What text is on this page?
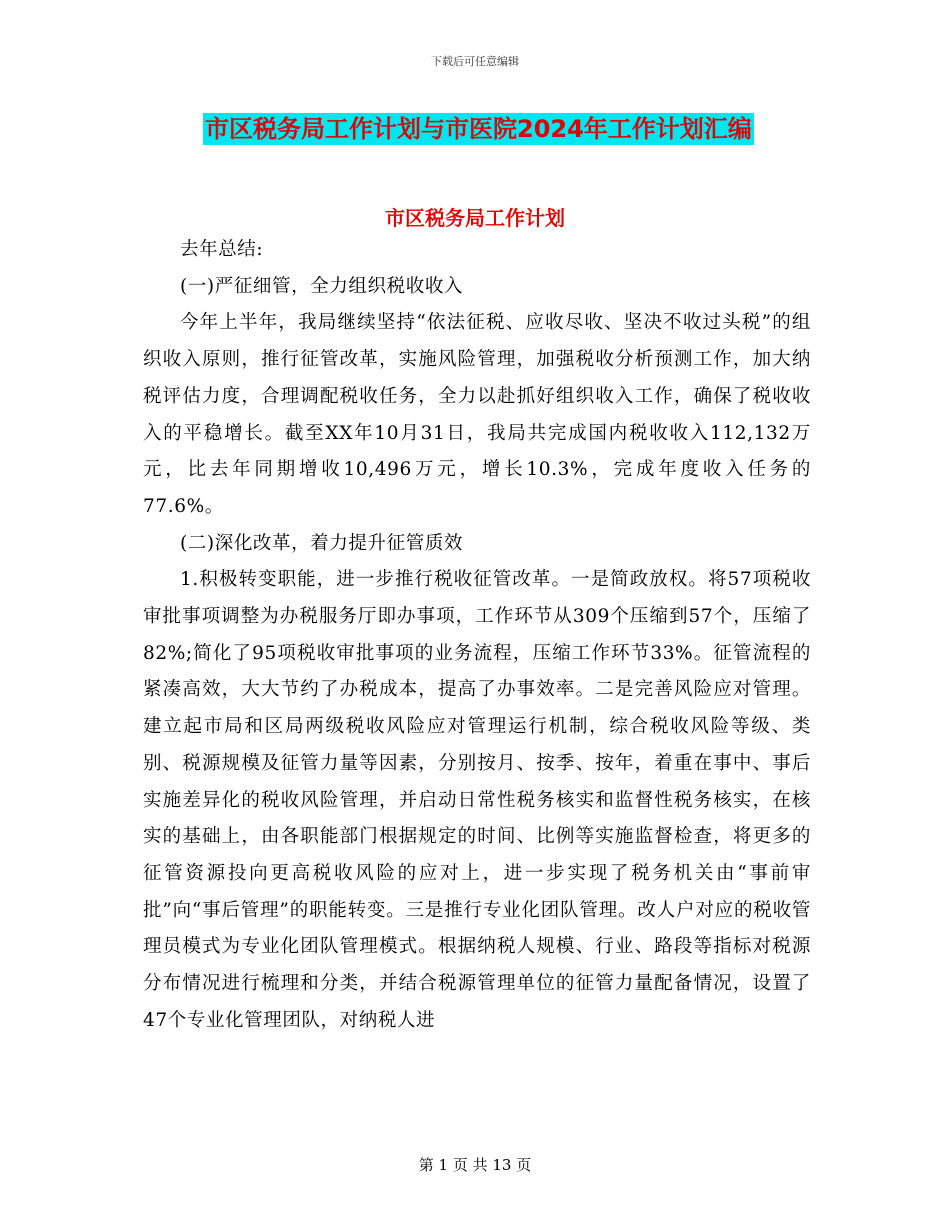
下载后可任意编辑
市区税务局工作计划与市医院2024年工作计划汇编
市区税务局工作计划

去年总结:

(一)严征细管，全力组织税收收入

今年上半年，我局继续坚持“依法征税、应收尽收、坚决不收过头税”的组织收入原则，推行征管改革，实施风险管理，加强税收分析预测工作，加大纳税评估力度，合理调配税收任务，全力以赴抓好组织收入工作，确保了税收收入的平稳增长。截至XX年10月31日，我局共完成国内税收收入112,132万元，比去年同期增收10,496万元，增长10.3%，完成年度收入任务的77.6%。

(二)深化改革，着力提升征管质效

1.积极转变职能，进一步推行税收征管改革。一是简政放权。将57项税收审批事项调整为办税服务厅即办事项，工作环节从309个压缩到57个，压缩了82%;简化了95项税收审批事项的业务流程，压缩工作环节33%。征管流程的紧凑高效，大大节约了办税成本，提高了办事效率。二是完善风险应对管理。建立起市局和区局两级税收风险应对管理运行机制，综合税收风险等级、类别、税源规模及征管力量等因素，分别按月、按季、按年，着重在事中、事后实施差异化的税收风险管理，并启动日常性税务核实和监督性税务核实，在核实的基础上，由各职能部门根据规定的时间、比例等实施监督检查，将更多的征管资源投向更高税收风险的应对上，进一步实现了税务机关由“事前审批”向“事后管理”的职能转变。三是推行专业化团队管理。改人户对应的税收管理员模式为专业化团队管理模式。根据纳税人规模、行业、路段等指标对税源分布情况进行梳理和分类，并结合税源管理单位的征管力量配备情况，设置了47个专业化管理团队，对纳税人进

第 1 页 共 13 页
